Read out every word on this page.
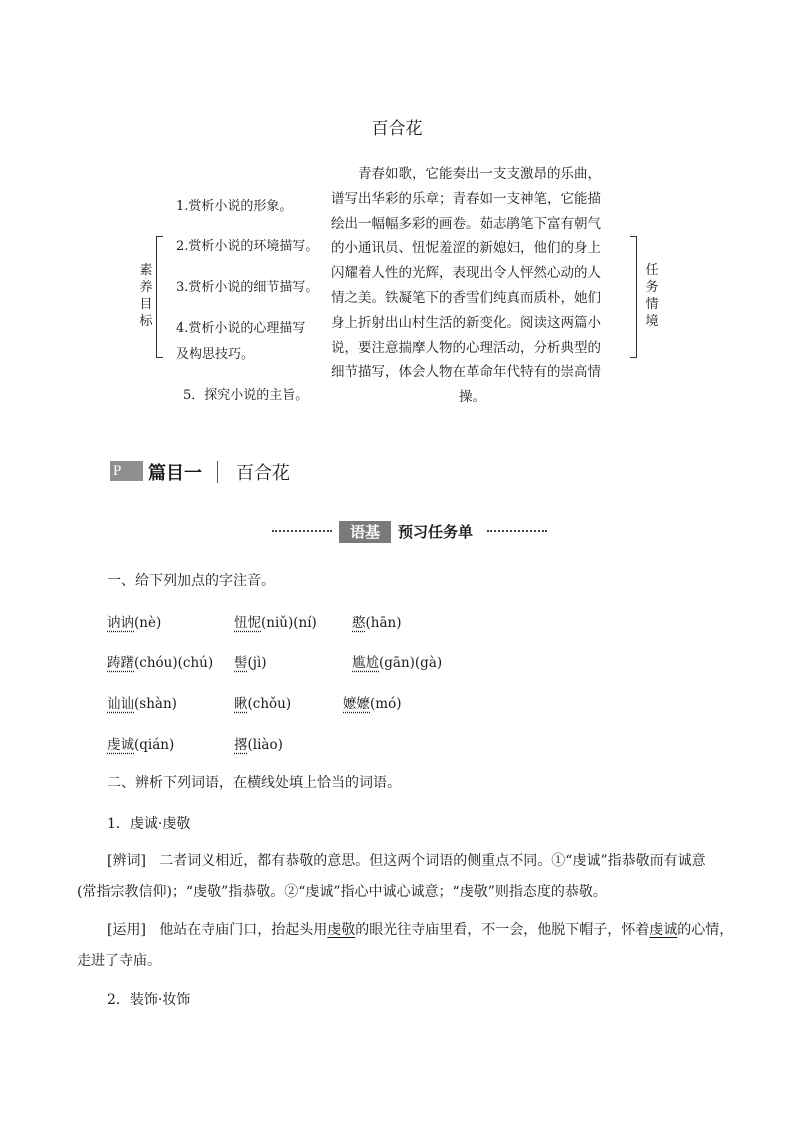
百合花
素
养
目
标
1.赏析小说的形象。
2.赏析小说的环境描写。
3.赏析小说的细节描写。
4.赏析小说的心理描写
及构思技巧。
5．探究小说的主旨。
青春如歌，它能奏出一支支激昂的乐曲，
谱写出华彩的乐章；青春如一支神笔，它能描
绘出一幅幅多彩的画卷。茹志鹃笔下富有朝气
的小通讯员、忸怩羞涩的新媳妇，他们的身上
闪耀着人性的光辉，表现出令人怦然心动的人
情之美。铁凝笔下的香雪们纯真而质朴，她们
身上折射出山村生活的新变化。阅读这两篇小
说，要注意揣摩人物的心理活动，分析典型的
细节描写，体会人物在革命年代特有的崇高情
操。
任
务
情
境
P	篇目一 百合花
语基	预习任务单
一、给下列加点的字注音。
讷讷(nè)	忸怩(niǔ)(ní)	憨(hān)
踌躇(chóu)(chú) 髻(jì)	尴尬(gān)(gà)
讪讪(shàn)	瞅(chǒu)	嬷嬷(mó)
虔诚(qián)	撂(liào)
二、辨析下列词语，在横线处填上恰当的词语。
1．虔诚·虔敬
[辨词] 二者词义相近，都有恭敬的意思。但这两个词语的侧重点不同。①“虔诚”指恭敬而有诚意
(常指宗教信仰)；“虔敬”指恭敬。②“虔诚”指心中诚心诚意；“虔敬”则指态度的恭敬。
[运用] 他站在寺庙门口，抬起头用虔敬的眼光往寺庙里看，不一会，他脱下帽子，怀着虔诚的心情，
走进了寺庙。
2．装饰·妆饰
